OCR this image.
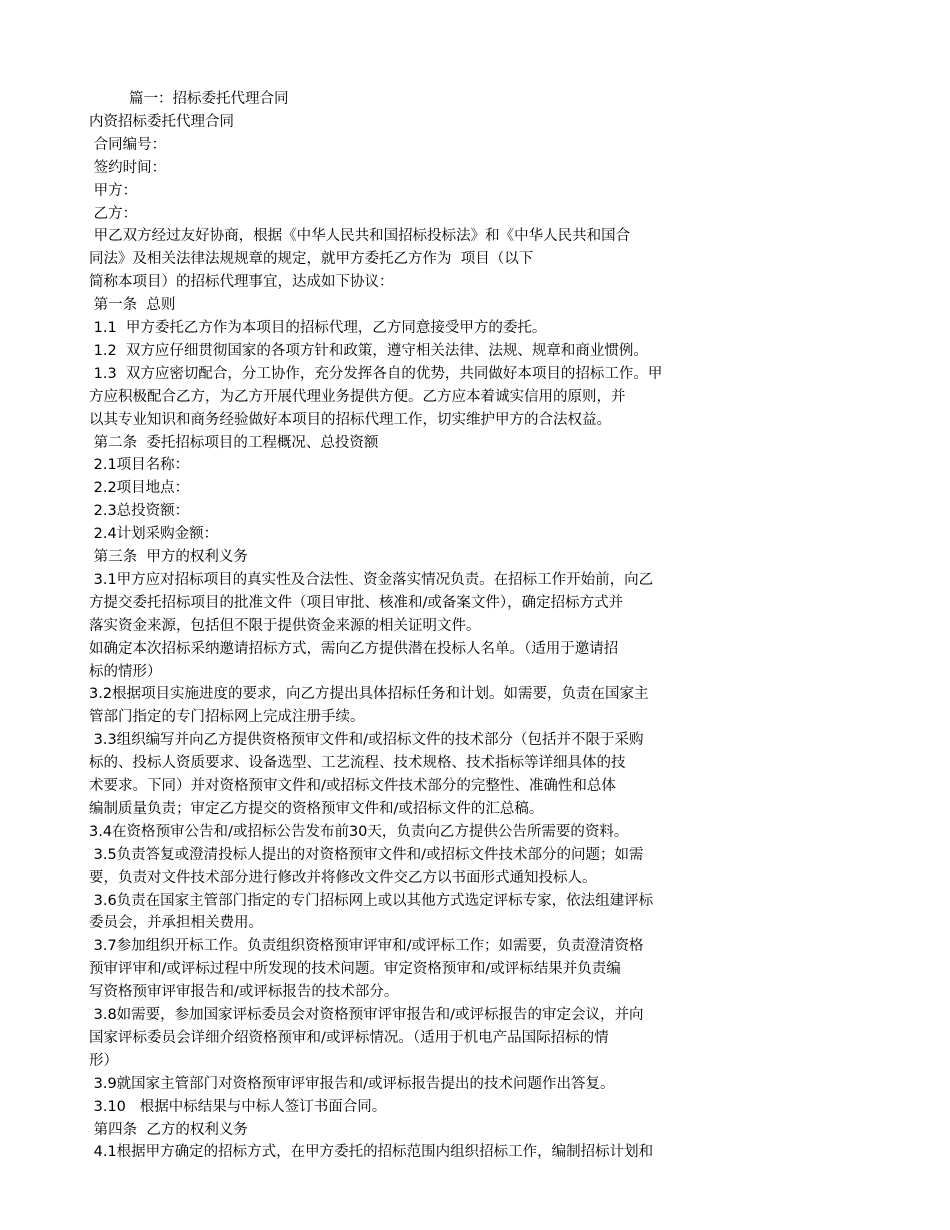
篇一：招标委托代理合同
内资招标委托代理合同
合同编号：
签约时间：
甲方：
乙方：
甲乙双方经过友好协商，根据《中华人民共和国招标投标法》和《中华人民共和国合
同法》及相关法律法规规章的规定，就甲方委托乙方作为  项目（以下
简称本项目）的招标代理事宜，达成如下协议：
第一条  总则
1.1  甲方委托乙方作为本项目的招标代理，乙方同意接受甲方的委托。
1.2  双方应仔细贯彻国家的各项方针和政策，遵守相关法律、法规、规章和商业惯例。
1.3  双方应密切配合，分工协作，充分发挥各自的优势，共同做好本项目的招标工作。甲
方应积极配合乙方，为乙方开展代理业务提供方便。乙方应本着诚实信用的原则，并
以其专业知识和商务经验做好本项目的招标代理工作，切实维护甲方的合法权益。
第二条  委托招标项目的工程概况、总投资额
2.1项目名称：
2.2项目地点：
2.3总投资额：
2.4计划采购金额：
第三条  甲方的权利义务
3.1甲方应对招标项目的真实性及合法性、资金落实情况负责。在招标工作开始前，向乙
方提交委托招标项目的批准文件（项目审批、核准和/或备案文件），确定招标方式并
落实资金来源，包括但不限于提供资金来源的相关证明文件。
如确定本次招标采纳邀请招标方式，需向乙方提供潜在投标人名单。（适用于邀请招
标的情形）
3.2根据项目实施进度的要求，向乙方提出具体招标任务和计划。如需要，负责在国家主
管部门指定的专门招标网上完成注册手续。
3.3组织编写并向乙方提供资格预审文件和/或招标文件的技术部分（包括并不限于采购
标的、投标人资质要求、设备选型、工艺流程、技术规格、技术指标等详细具体的技
术要求。下同）并对资格预审文件和/或招标文件技术部分的完整性、准确性和总体
编制质量负责；审定乙方提交的资格预审文件和/或招标文件的汇总稿。
3.4在资格预审公告和/或招标公告发布前30天，负责向乙方提供公告所需要的资料。
3.5负责答复或澄清投标人提出的对资格预审文件和/或招标文件技术部分的问题；如需
要，负责对文件技术部分进行修改并将修改文件交乙方以书面形式通知投标人。
3.6负责在国家主管部门指定的专门招标网上或以其他方式选定评标专家，依法组建评标
委员会，并承担相关费用。
3.7参加组织开标工作。负责组织资格预审评审和/或评标工作；如需要，负责澄清资格
预审评审和/或评标过程中所发现的技术问题。审定资格预审和/或评标结果并负责编
写资格预审评审报告和/或评标报告的技术部分。
3.8如需要，参加国家评标委员会对资格预审评审报告和/或评标报告的审定会议，并向
国家评标委员会详细介绍资格预审和/或评标情况。（适用于机电产品国际招标的情
形）
3.9就国家主管部门对资格预审评审报告和/或评标报告提出的技术问题作出答复。
3.10   根据中标结果与中标人签订书面合同。
第四条  乙方的权利义务
4.1根据甲方确定的招标方式，在甲方委托的招标范围内组织招标工作，编制招标计划和
